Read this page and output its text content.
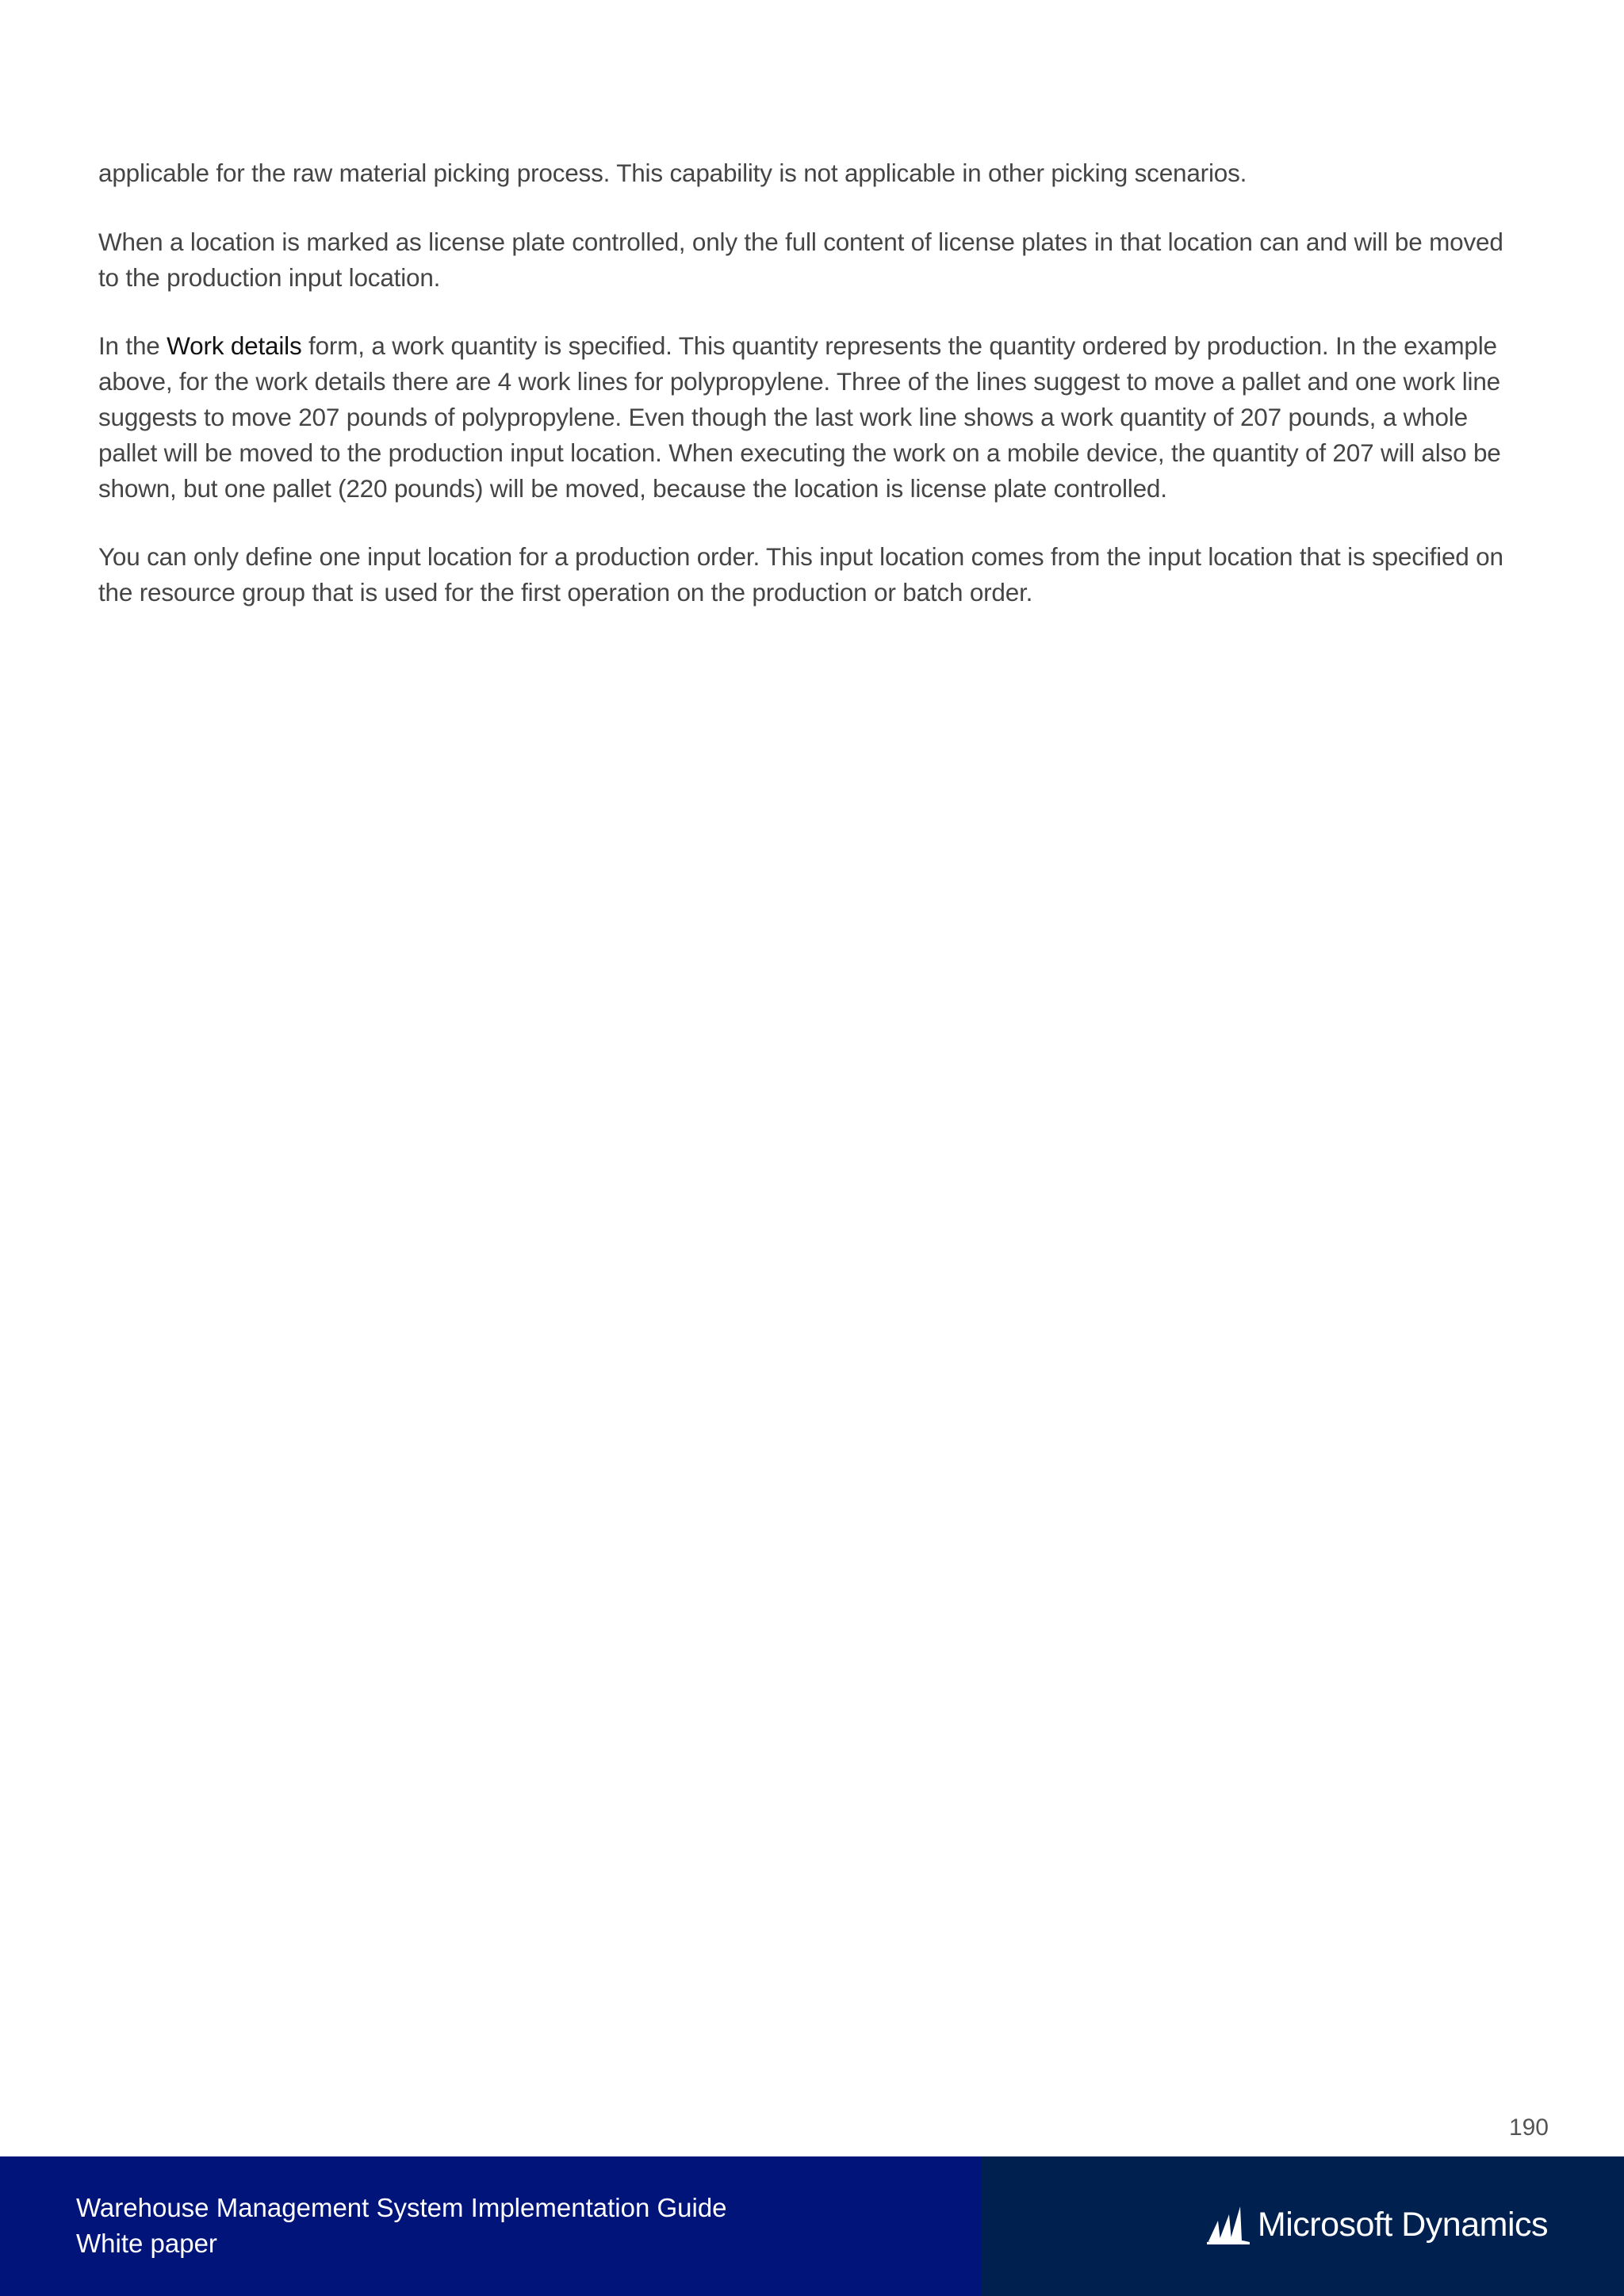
applicable for the raw material picking process. This capability is not applicable in other picking scenarios.

When a location is marked as license plate controlled, only the full content of license plates in that location can and will be moved to the production input location.

In the Work details form, a work quantity is specified. This quantity represents the quantity ordered by production. In the example above, for the work details there are 4 work lines for polypropylene. Three of the lines suggest to move a pallet and one work line suggests to move 207 pounds of polypropylene. Even though the last work line shows a work quantity of 207 pounds, a whole pallet will be moved to the production input location. When executing the work on a mobile device, the quantity of 207 will also be shown, but one pallet (220 pounds) will be moved, because the location is license plate controlled.

You can only define one input location for a production order. This input location comes from the input location that is specified on the resource group that is used for the first operation on the production or batch order.

190
Warehouse Management System Implementation Guide
White paper	Microsoft Dynamics
